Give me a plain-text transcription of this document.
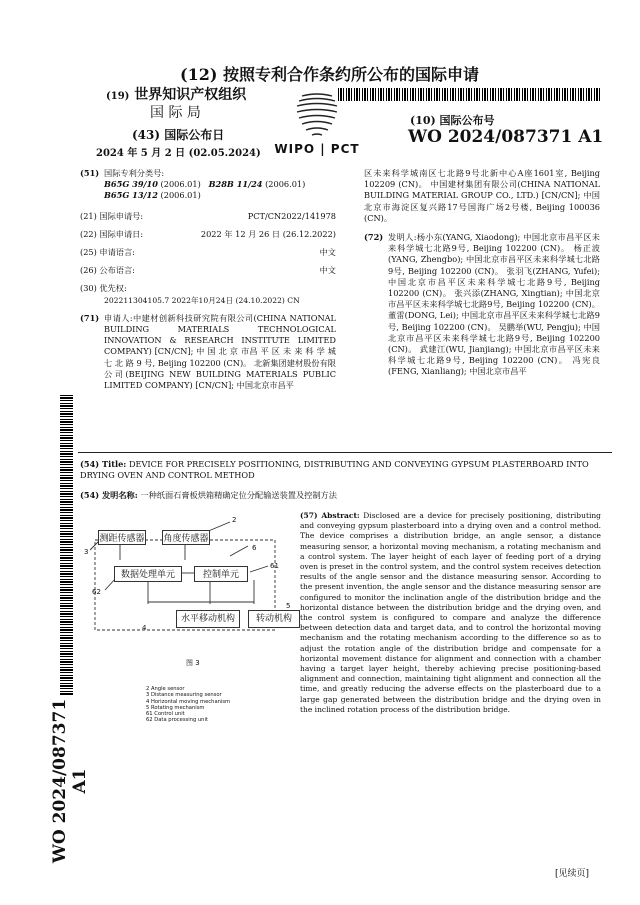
WO 2024/087371 A1
(12) 按照专利合作条约所公布的国际申请
(19) 世界知识产权组织
国 际 局
(43) 国际公布日
2024 年 5 月 2 日 (02.05.2024) WIPO | PCT
(10) 国际公布号
WO 2024/087371 A1
(51) 国际专利分类号:
B65G 39/10 (2006.01) B28B 11/24 (2006.01)
B65G 13/12 (2006.01)
(21) 国际申请号:	PCT/CN2022/141978
(22) 国际申请日:	2022 年 12 月 26 日 (26.12.2022)
(25) 申请语言:	中文
(26) 公布语言:	中文
(30) 优先权:
202211304105.7 2022年10月24日 (24.10.2022) CN
(71) 申请人:中建材创新科技研究院有限公司(CHINA NATIONAL BUILDING MATERIALS TECHNOLOGICAL INNOVATION & RESEARCH INSTITUTE LIMITED COMPANY) [CN/CN]; 中 国 北 京 市昌 平 区 未 来 科 学 城 七 北 路 9 号, Beijing 102200 (CN)。 北新集团建材股份有限公司(BEIJING NEW BUILDING MATERIALS PUBLIC LIMITED COMPANY) [CN/CN]; 中国北京市昌平
区未来科学城南区七北路9号北新中心A座1601室, Beijing 102209 (CN)。 中国建材集团有限公司(CHINA NATIONAL BUILDING MATERIAL GROUP CO., LTD.) [CN/CN]; 中国北京市海淀区复兴路17号国海广场2号楼, Beijing 100036 (CN)。
(72) 发明人:杨小东(YANG, Xiaodong); 中国北京市昌平区未来科学城七北路9号, Beijing 102200 (CN)。 杨正波(YANG, Zhengbo); 中国北京市昌平区未来科学城七北路9号, Beijing 102200 (CN)。 张羽飞(ZHANG, Yufei); 中国北京市昌平区未来科学城七北路9号, Beijing 102200 (CN)。 张兴添(ZHANG, Xingtian); 中国北京市昌平区未来科学城七北路9号, Beijing 102200 (CN)。 董雷(DONG, Lei); 中国北京市昌平区未来科学城七北路9号, Beijing 102200 (CN)。 吴鹏举(WU, Pengju); 中国北京市昌平区未来科学城七北路9号, Beijing 102200 (CN)。 武建江(WU, Jianjiang); 中国北京市昌平区未来科学城七北路9号, Beijing 102200 (CN)。 冯宪良(FENG, Xianliang); 中国北京市昌平
(54) Title: DEVICE FOR PRECISELY POSITIONING, DISTRIBUTING AND CONVEYING GYPSUM PLASTERBOARD INTO DRYING OVEN AND CONTROL METHOD
(54) 发明名称: 一种纸面石膏板烘箱精确定位分配输送装置及控制方法
测距传感器 角度传感器
数据处理单元	控制单元
水平移动机构	转动机构
2
3	6
61
62
4
5
图 3
2 Angle sensor
3 Distance measuring sensor
4 Horizontal moving mechanism
5 Rotating mechanism
61 Control unit
62 Data processing unit
(57) Abstract: Disclosed are a device for precisely positioning, distributing and conveying gypsum plasterboard into a drying oven and a control method. The device comprises a distribution bridge, an angle sensor, a distance measuring sensor, a horizontal moving mechanism, a rotating mechanism and a control system. The layer height of each layer of feeding port of a drying oven is preset in the control system, and the control system receives detection results of the angle sensor and the distance measuring sensor. According to the present invention, the angle sensor and the distance measuring sensor are configured to monitor the inclination angle of the distribution bridge and the horizontal distance between the distribution bridge and the drying oven, and the control system is configured to compare and analyze the difference between detection data and target data, and to control the horizontal moving mechanism and the rotating mechanism according to the difference so as to adjust the rotation angle of the distribution bridge and compensate for a horizontal movement distance for alignment and connection with a chamber having a target layer height, thereby achieving precise positioning-based alignment and connection, maintaining tight alignment and connection all the time, and greatly reducing the adverse effects on the plasterboard due to a large gap generated between the distribution bridge and the drying oven in the inclined rotation process of the distribution bridge.
[见续页]
